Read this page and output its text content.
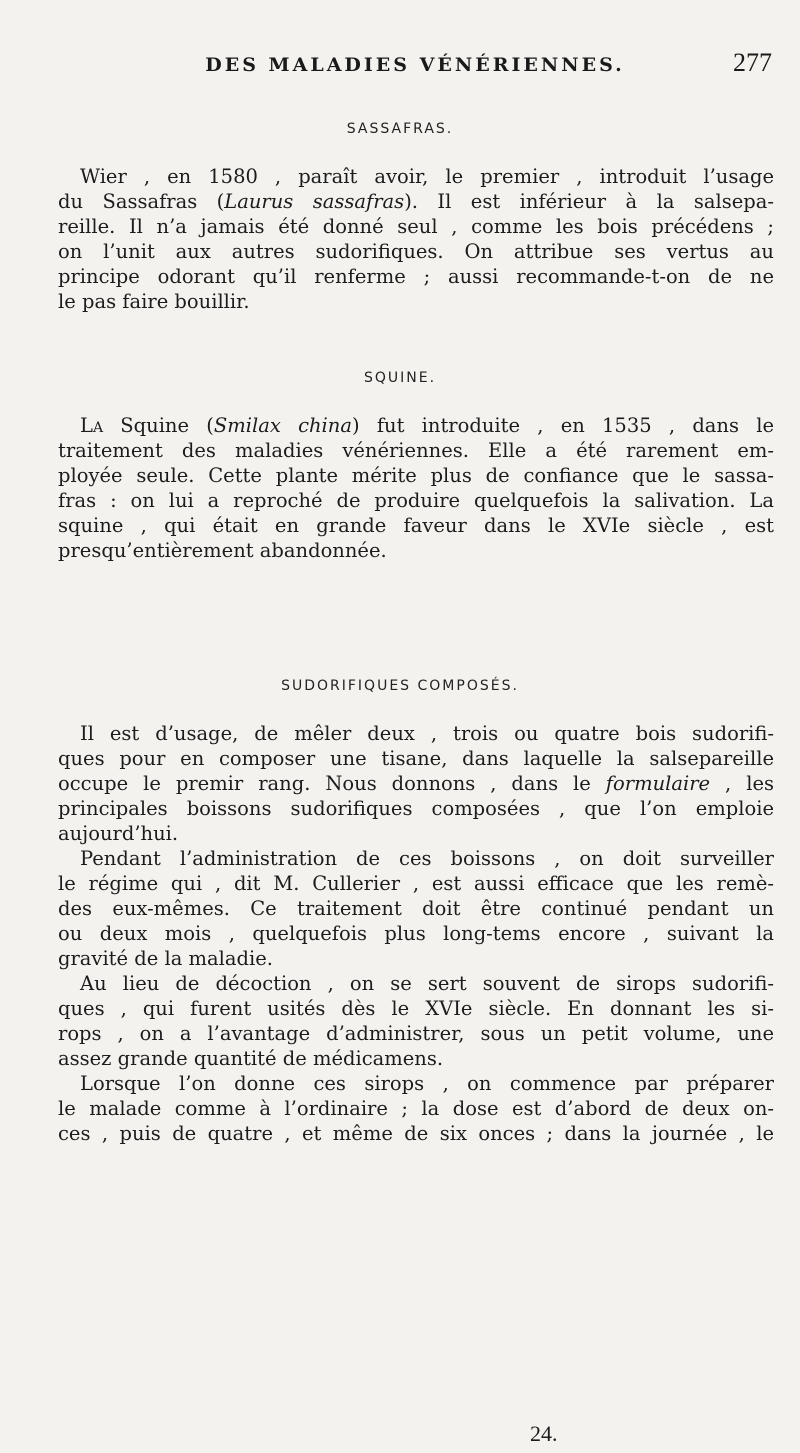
DES MALADIES VÉNÉRIENNES.	277
SASSAFRAS.
Wier , en 1580 , paraît avoir, le premier , introduit l’usage
du Sassafras (Laurus sassafras). Il est inférieur à la salsepa-
reille. Il n’a jamais été donné seul , comme les bois précédens ;
on l’unit aux autres sudorifiques. On attribue ses vertus au
principe odorant qu’il renferme ; aussi recommande-t-on de ne
le pas faire bouillir.
SQUINE.
La Squine (Smilax china) fut introduite , en 1535 , dans le
traitement des maladies vénériennes. Elle a été rarement em-
ployée seule. Cette plante mérite plus de confiance que le sassa-
fras : on lui a reproché de produire quelquefois la salivation. La
squine , qui était en grande faveur dans le XVIe siècle , est
presqu’entièrement abandonnée.
SUDORIFIQUES COMPOSÉS.
Il est d’usage, de mêler deux , trois ou quatre bois sudorifi-
ques pour en composer une tisane, dans laquelle la salsepareille
occupe le premir rang. Nous donnons , dans le formulaire , les
principales boissons sudorifiques composées , que l’on emploie
aujourd’hui.
Pendant l’administration de ces boissons , on doit surveiller
le régime qui , dit M. Cullerier , est aussi efficace que les remè-
des eux-mêmes. Ce traitement doit être continué pendant un
ou deux mois , quelquefois plus long-tems encore , suivant la
gravité de la maladie.
Au lieu de décoction , on se sert souvent de sirops sudorifi-
ques , qui furent usités dès le XVIe siècle. En donnant les si-
rops , on a l’avantage d’administrer, sous un petit volume, une
assez grande quantité de médicamens.
Lorsque l’on donne ces sirops , on commence par préparer
le malade comme à l’ordinaire ; la dose est d’abord de deux on-
ces , puis de quatre , et même de six onces ; dans la journée , le
24.
